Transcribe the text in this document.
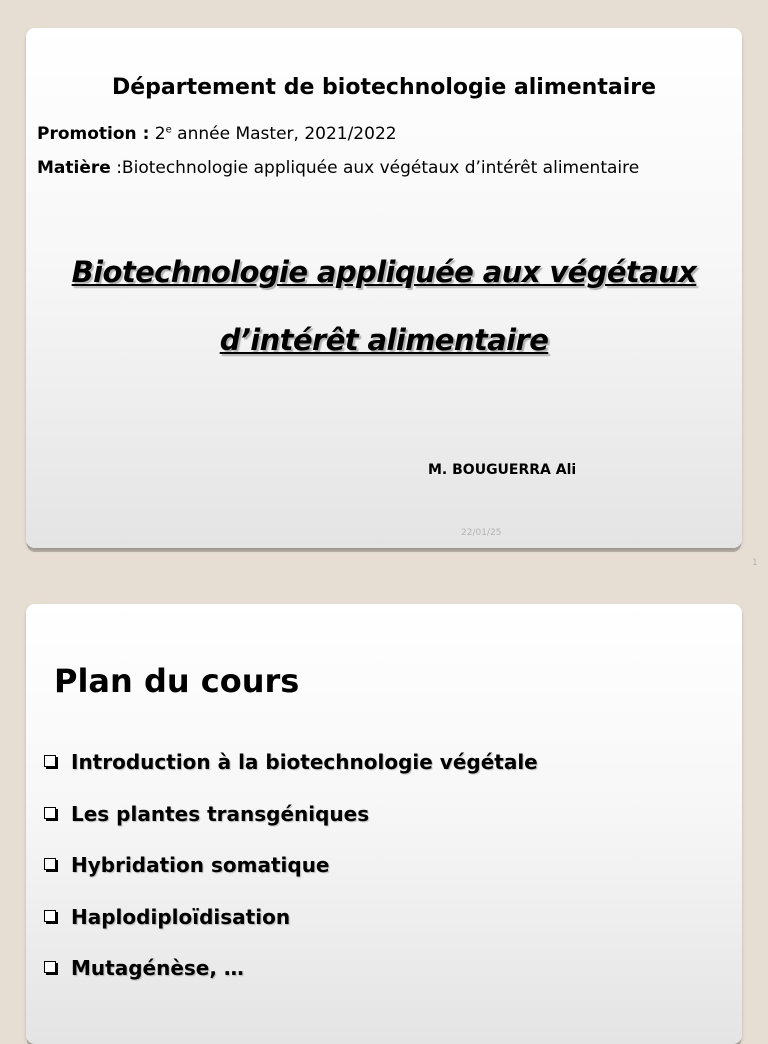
Département de biotechnologie alimentaire
Promotion : 2e année Master, 2021/2022
Matière :Biotechnologie appliquée aux végétaux d’intérêt alimentaire
Biotechnologie appliquée aux végétaux
d’intérêt alimentaire
M. BOUGUERRA Ali
22/01/25
1
Plan du cours
Introduction à la biotechnologie végétale
Les plantes transgéniques
Hybridation somatique
Haplodiploïdisation
Mutagénèse, …
